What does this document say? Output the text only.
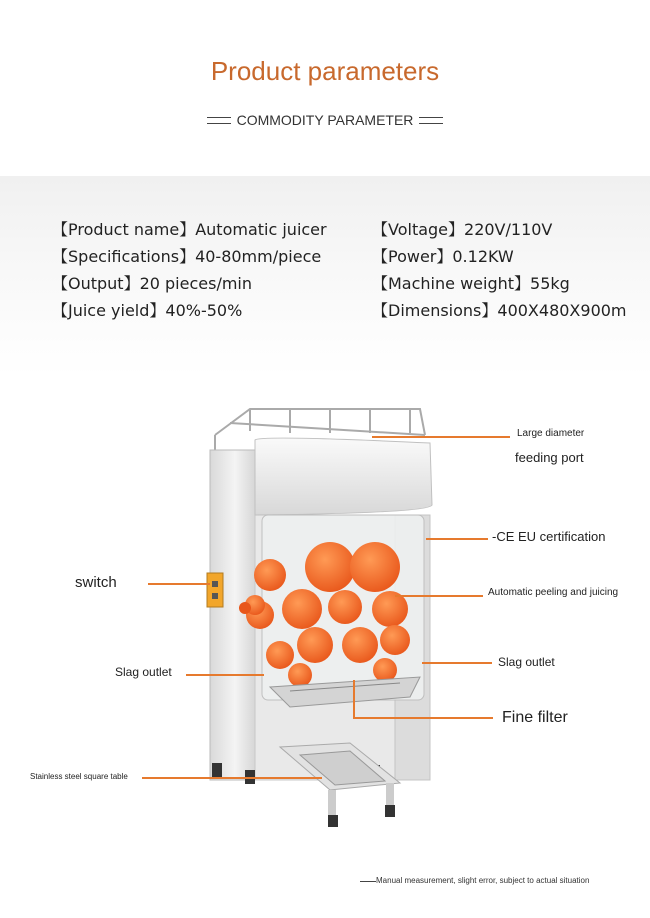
Product parameters
COMMODITY PARAMETER
【Product name】Automatic juicer
【Specifications】40-80mm/piece
【Output】20 pieces/min
【Juice yield】40%-50%
【Voltage】220V/110V
【Power】0.12KW
【Machine weight】55kg
【Dimensions】400X480X900m
Large diameter
feeding port
-CE EU certification
switch
Automatic peeling and juicing
Slag outlet
Slag outlet
Fine filter
Stainless steel square table
Manual measurement, slight error, subject to actual situation
